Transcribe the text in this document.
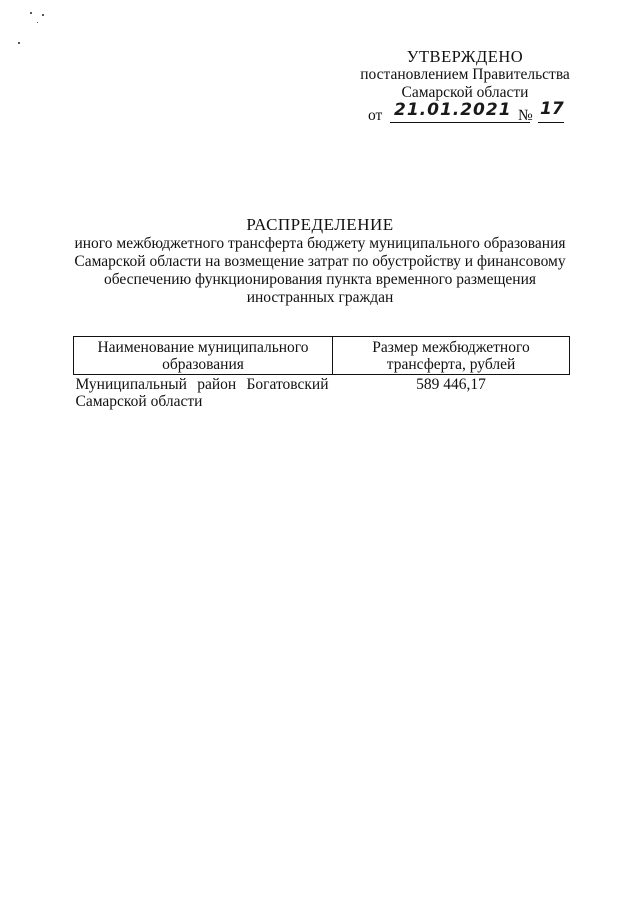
УТВЕРЖДЕНО
постановлением Правительства
Самарской области
от 21.01.2021 № 17
РАСПРЕДЕЛЕНИЕ
иного межбюджетного трансферта бюджету муниципального образования
Самарской области на возмещение затрат по обустройству и финансовому
обеспечению функционирования пункта временного размещения
иностранных граждан
Наименование муниципального образования	Размер межбюджетного трансферта, рублей
Муниципальный район Богатовский Самарской области	589 446,17
